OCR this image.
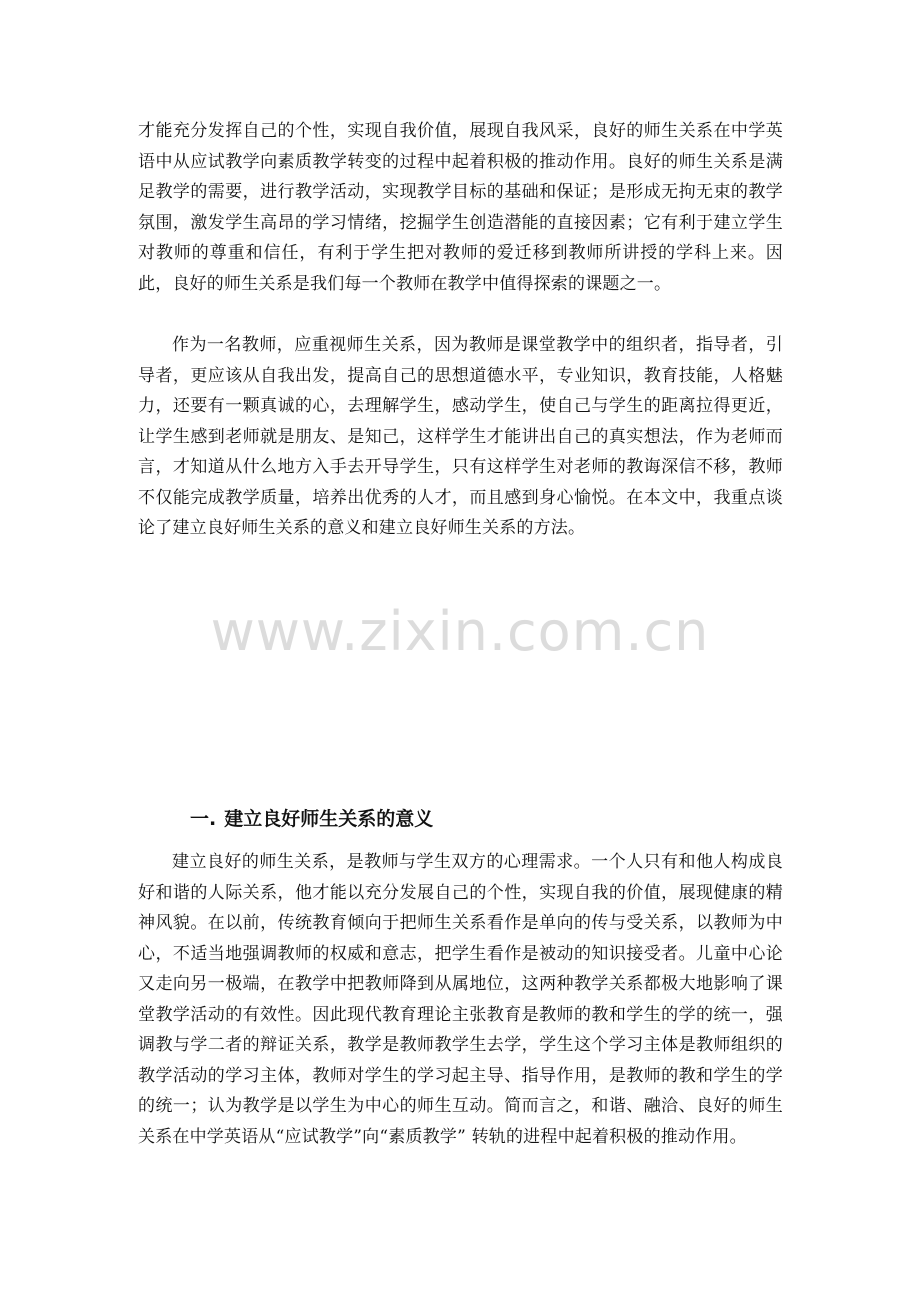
才能充分发挥自己的个性，实现自我价值，展现自我风采，良好的师生关系在中学英语中从应试教学向素质教学转变的过程中起着积极的推动作用。良好的师生关系是满足教学的需要，进行教学活动，实现教学目标的基础和保证；是形成无拘无束的教学氛围，激发学生高昂的学习情绪，挖掘学生创造潜能的直接因素；它有利于建立学生对教师的尊重和信任，有利于学生把对教师的爱迁移到教师所讲授的学科上来。因此，良好的师生关系是我们每一个教师在教学中值得探索的课题之一。

作为一名教师，应重视师生关系，因为教师是课堂教学中的组织者，指导者，引导者，更应该从自我出发，提高自己的思想道德水平，专业知识，教育技能，人格魅力，还要有一颗真诚的心，去理解学生，感动学生，使自己与学生的距离拉得更近，让学生感到老师就是朋友、是知己，这样学生才能讲出自己的真实想法，作为老师而言，才知道从什么地方入手去开导学生，只有这样学生对老师的教诲深信不移，教师不仅能完成教学质量，培养出优秀的人才，而且感到身心愉悦。在本文中，我重点谈论了建立良好师生关系的意义和建立良好师生关系的方法。

www.zixin.com.cn
一. 建立良好师生关系的意义

建立良好的师生关系，是教师与学生双方的心理需求。一个人只有和他人构成良好和谐的人际关系，他才能以充分发展自己的个性，实现自我的价值，展现健康的精神风貌。在以前，传统教育倾向于把师生关系看作是单向的传与受关系，以教师为中心，不适当地强调教师的权威和意志，把学生看作是被动的知识接受者。儿童中心论又走向另一极端，在教学中把教师降到从属地位，这两种教学关系都极大地影响了课堂教学活动的有效性。因此现代教育理论主张教育是教师的教和学生的学的统一，强调教与学二者的辩证关系，教学是教师教学生去学，学生这个学习主体是教师组织的教学活动的学习主体，教师对学生的学习起主导、指导作用，是教师的教和学生的学的统一；认为教学是以学生为中心的师生互动。简而言之，和谐、融洽、良好的师生关系在中学英语从“应试教学”向“素质教学” 转轨的进程中起着积极的推动作用。
